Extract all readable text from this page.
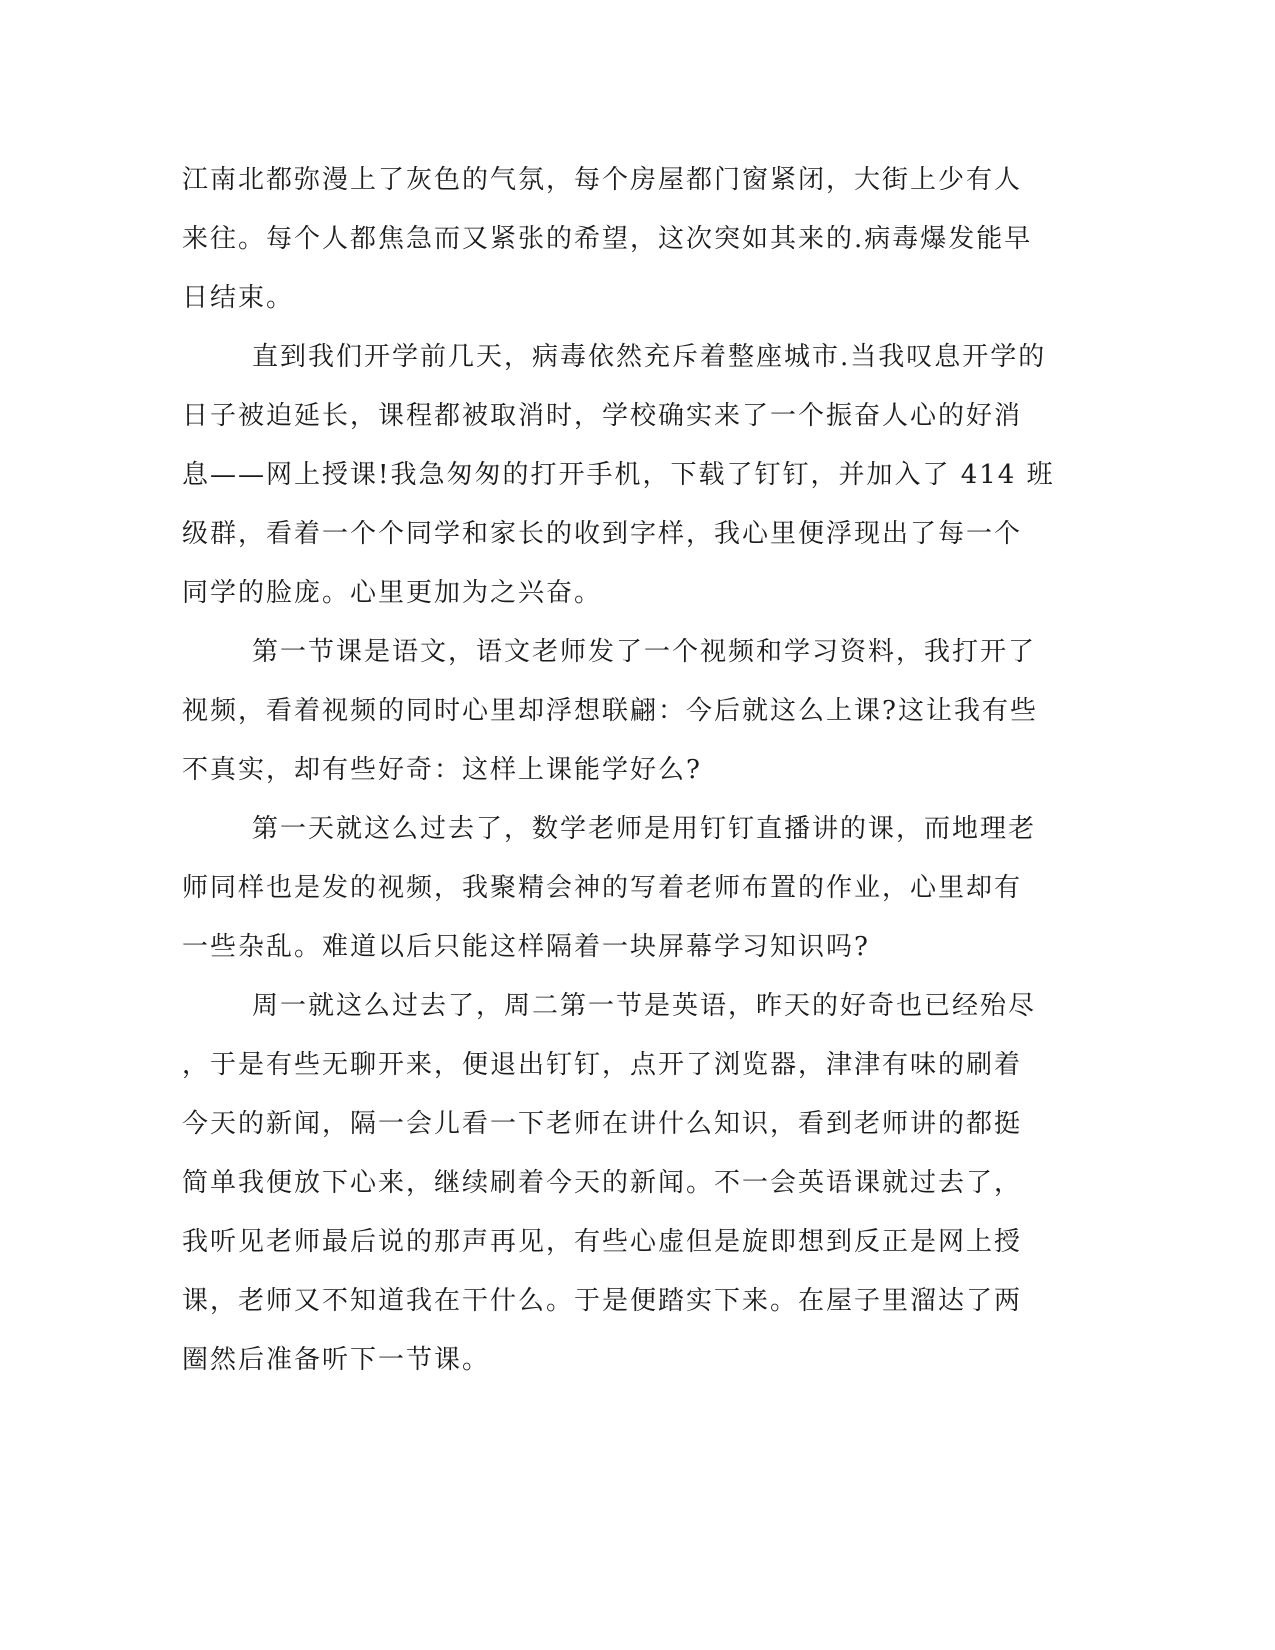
江南北都弥漫上了灰色的气氛，每个房屋都门窗紧闭，大街上少有人
来往。每个人都焦急而又紧张的希望，这次突如其来的.病毒爆发能早
日结束。
直到我们开学前几天，病毒依然充斥着整座城市.当我叹息开学的
日子被迫延长，课程都被取消时，学校确实来了一个振奋人心的好消
息——网上授课!我急匆匆的打开手机，下载了钉钉，并加入了 414 班
级群，看着一个个同学和家长的收到字样，我心里便浮现出了每一个
同学的脸庞。心里更加为之兴奋。
第一节课是语文，语文老师发了一个视频和学习资料，我打开了
视频，看着视频的同时心里却浮想联翩：今后就这么上课?这让我有些
不真实，却有些好奇：这样上课能学好么?
第一天就这么过去了，数学老师是用钉钉直播讲的课，而地理老
师同样也是发的视频，我聚精会神的写着老师布置的作业，心里却有
一些杂乱。难道以后只能这样隔着一块屏幕学习知识吗?
周一就这么过去了，周二第一节是英语，昨天的好奇也已经殆尽
，于是有些无聊开来，便退出钉钉，点开了浏览器，津津有味的刷着
今天的新闻，隔一会儿看一下老师在讲什么知识，看到老师讲的都挺
简单我便放下心来，继续刷着今天的新闻。不一会英语课就过去了，
我听见老师最后说的那声再见，有些心虚但是旋即想到反正是网上授
课，老师又不知道我在干什么。于是便踏实下来。在屋子里溜达了两
圈然后准备听下一节课。
